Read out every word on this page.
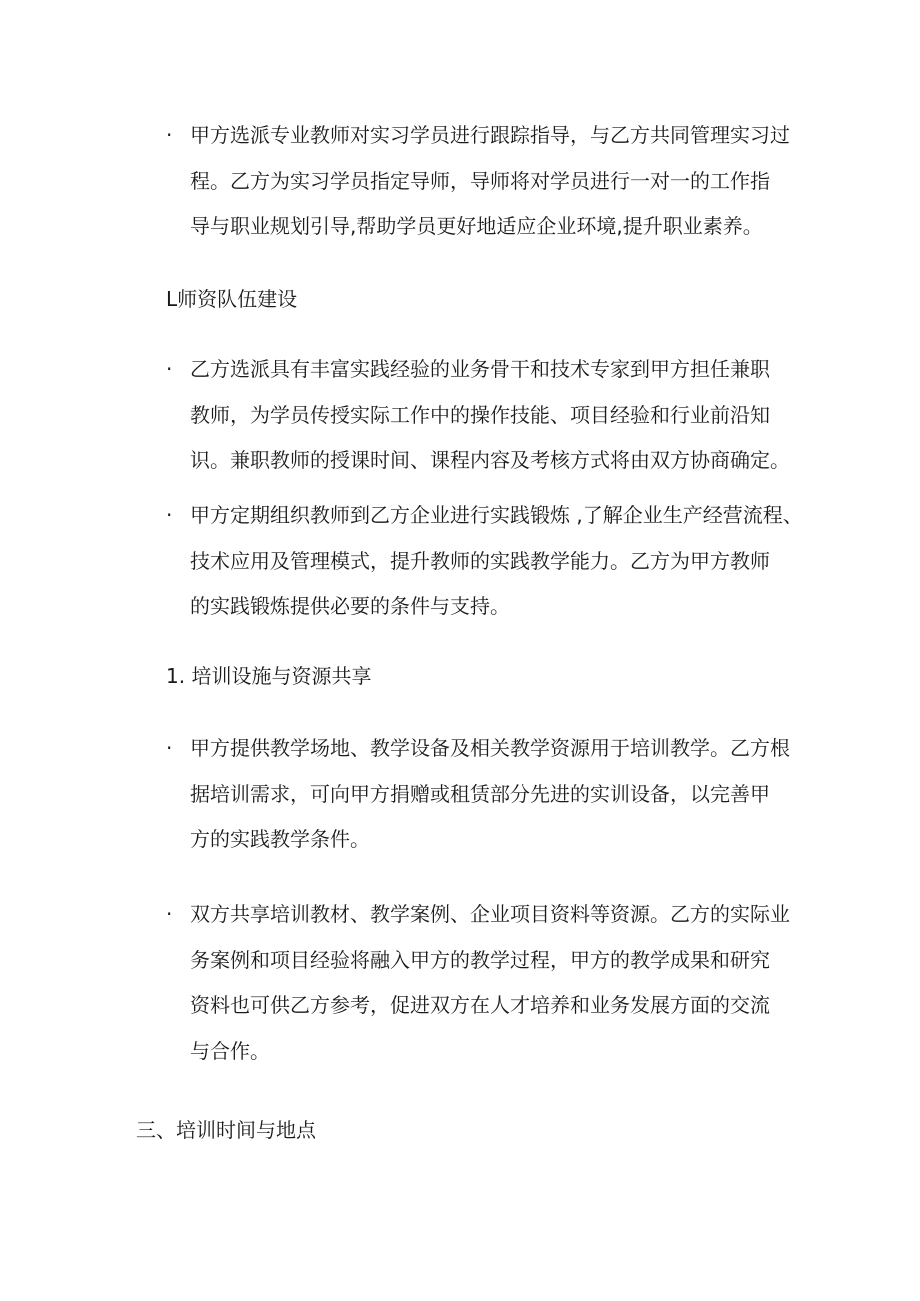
· 甲方选派专业教师对实习学员进行跟踪指导，与乙方共同管理实习过
程。乙方为实习学员指定导师，导师将对学员进行一对一的工作指
导与职业规划引导,帮助学员更好地适应企业环境,提升职业素养。
L师资队伍建设
· 乙方选派具有丰富实践经验的业务骨干和技术专家到甲方担任兼职
教师，为学员传授实际工作中的操作技能、项目经验和行业前沿知
识。兼职教师的授课时间、课程内容及考核方式将由双方协商确定。
· 甲方定期组织教师到乙方企业进行实践锻炼 ,了解企业生产经营流程、
技术应用及管理模式，提升教师的实践教学能力。乙方为甲方教师
的实践锻炼提供必要的条件与支持。
1. 培训设施与资源共享
· 甲方提供教学场地、教学设备及相关教学资源用于培训教学。乙方根
据培训需求，可向甲方捐赠或租赁部分先进的实训设备，以完善甲
方的实践教学条件。
· 双方共享培训教材、教学案例、企业项目资料等资源。乙方的实际业
务案例和项目经验将融入甲方的教学过程，甲方的教学成果和研究
资料也可供乙方参考，促进双方在人才培养和业务发展方面的交流
与合作。
三、培训时间与地点
